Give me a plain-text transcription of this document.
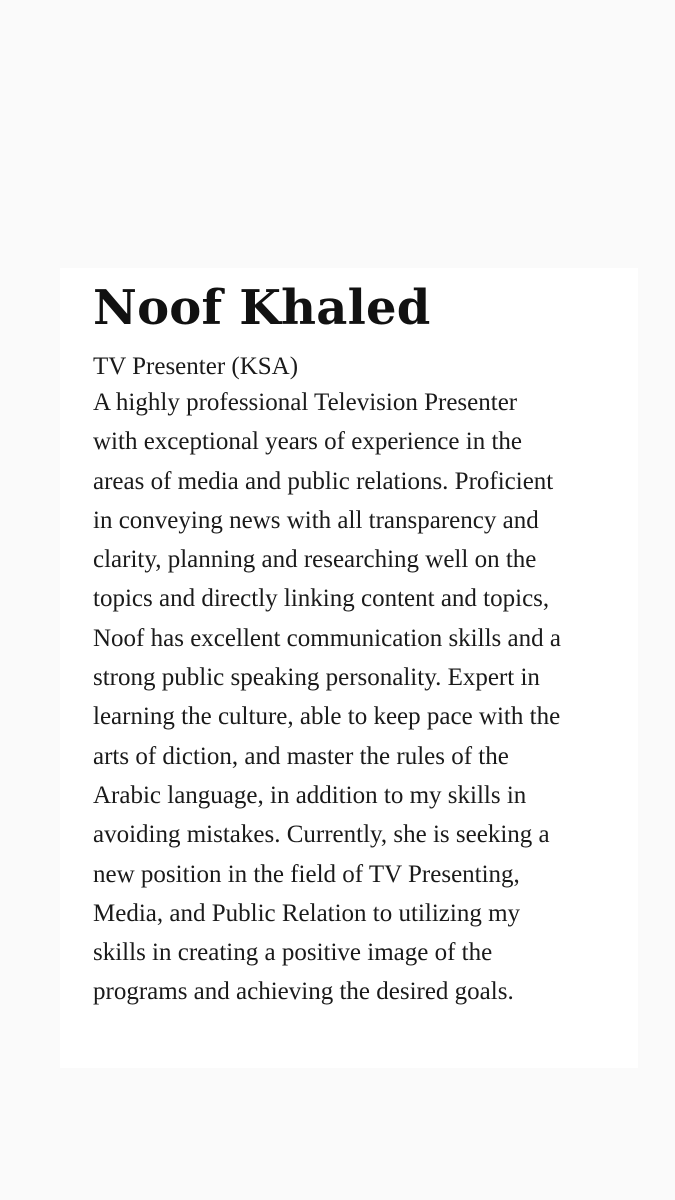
Noof Khaled

TV Presenter (KSA)

A highly professional Television Presenter
with exceptional years of experience in the
areas of media and public relations. Proficient
in conveying news with all transparency and
clarity, planning and researching well on the
topics and directly linking content and topics,
Noof has excellent communication skills and a
strong public speaking personality. Expert in
learning the culture, able to keep pace with the
arts of diction, and master the rules of the
Arabic language, in addition to my skills in
avoiding mistakes. Currently, she is seeking a
new position in the field of TV Presenting,
Media, and Public Relation to utilizing my
skills in creating a positive image of the
programs and achieving the desired goals.
